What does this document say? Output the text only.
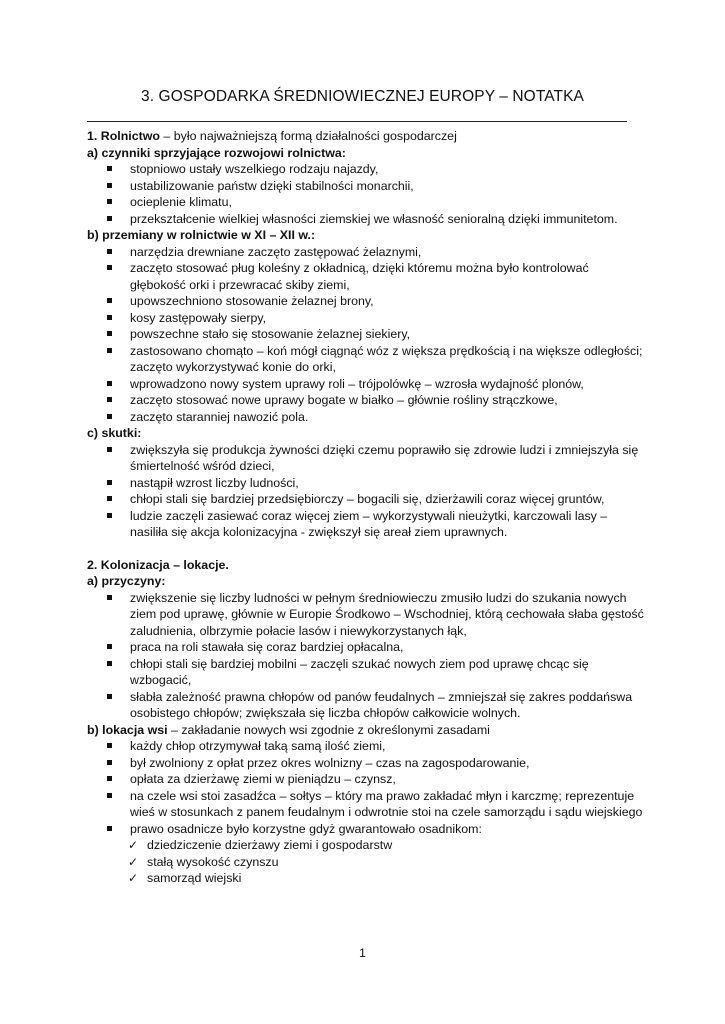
3. GOSPODARKA ŚREDNIOWIECZNEJ EUROPY – NOTATKA

1. Rolnictwo – było najważniejszą formą działalności gospodarczej

a) czynniki sprzyjające rozwojowi rolnictwa:

stopniowo ustały wszelkiego rodzaju najazdy,
ustabilizowanie państw dzięki stabilności monarchii,
ocieplenie klimatu,
przekształcenie wielkiej własności ziemskiej we własność senioralną dzięki immunitetom.

b) przemiany w rolnictwie w XI – XII w.:

narzędzia drewniane zaczęto zastępować żelaznymi,
zaczęto stosować pług koleśny z okładnicą, dzięki któremu można było kontrolować głębokość orki i przewracać skiby ziemi,
upowszechniono stosowanie żelaznej brony,
kosy zastępowały sierpy,
powszechne stało się stosowanie żelaznej siekiery,
zastosowano chomąto – koń mógł ciągnąć wóz z większa prędkością i na większe odległości; zaczęto wykorzystywać konie do orki,
wprowadzono nowy system uprawy roli – trójpolówkę – wzrosła wydajność plonów,
zaczęto stosować nowe uprawy bogate w białko – głównie rośliny strączkowe,
zaczęto staranniej nawozić pola.

c) skutki:

zwiększyła się produkcja żywności dzięki czemu poprawiło się zdrowie ludzi i zmniejszyła się śmiertelność wśród dzieci,
nastąpił wzrost liczby ludności,
chłopi stali się bardziej przedsiębiorczy – bogacili się, dzierżawili coraz więcej gruntów,
ludzie zaczęli zasiewać coraz więcej ziem – wykorzystywali nieużytki, karczowali lasy – nasiliła się akcja kolonizacyjna - zwiększył się areał ziem uprawnych.

2. Kolonizacja – lokacje.

a) przyczyny:

zwiększenie się liczby ludności w pełnym średniowieczu zmusiło ludzi do szukania nowych ziem pod uprawę, głównie w Europie Środkowo – Wschodniej, którą cechowała słaba gęstość zaludnienia, olbrzymie połacie lasów i niewykorzystanych łąk,
praca na roli stawała się coraz bardziej opłacalna,
chłopi stali się bardziej mobilni – zaczęli szukać nowych ziem pod uprawę chcąc się wzbogacić,
słabła zależność prawna chłopów od panów feudalnych – zmniejszał się zakres poddańswa osobistego chłopów; zwiększała się liczba chłopów całkowicie wolnych.

b) lokacja wsi – zakładanie nowych wsi zgodnie z określonymi zasadami

każdy chłop otrzymywał taką samą ilość ziemi,
był zwolniony z opłat przez okres wolnizny – czas na zagospodarowanie,
opłata za dzierżawę ziemi w pieniądzu – czynsz,
na czele wsi stoi zasadźca – sołtys – który ma prawo zakładać młyn i karczmę; reprezentuje wieś w stosunkach z panem feudalnym i odwrotnie stoi na czele samorządu i sądu wiejskiego
prawo osadnicze było korzystne gdyż gwarantowało osadnikom:
✓ dziedziczenie dzierżawy ziemi i gospodarstw
✓ stałą wysokość czynszu
✓ samorząd wiejski
1
